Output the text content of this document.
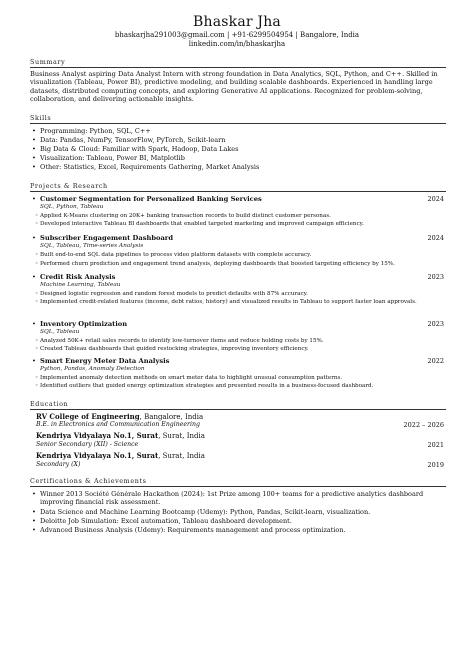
Bhaskar Jha
bhaskarjha291003@gmail.com | +91-6299504954 | Bangalore, India
linkedin.com/in/bhaskarjha
Summary
Business Analyst aspiring Data Analyst Intern with strong foundation in Data Analytics, SQL, Python, and C++. Skilled in visualization (Tableau, Power BI), predictive modeling, and building scalable dashboards. Experienced in handling large datasets, distributed computing concepts, and exploring Generative AI applications. Recognized for problem-solving, collaboration, and delivering actionable insights.
Skills
• Programming: Python, SQL, C++
• Data: Pandas, NumPy, TensorFlow, PyTorch, Scikit-learn
• Big Data & Cloud: Familiar with Spark, Hadoop, Data Lakes
• Visualization: Tableau, Power BI, Matplotlib
• Other: Statistics, Excel, Requirements Gathering, Market Analysis
Projects & Research
• Customer Segmentation for Personalized Banking Services	2024
SQL, Python, Tableau
◦ Applied K-Means clustering on 20K+ banking transaction records to build distinct customer personas.
◦ Developed interactive Tableau BI dashboards that enabled targeted marketing and improved campaign efficiency.
• Subscriber Engagement Dashboard	2024
SQL, Tableau, Time-series Analysis
◦ Built end-to-end SQL data pipelines to process video platform datasets with complete accuracy.
◦ Performed churn prediction and engagement trend analysis, deploying dashboards that boosted targeting efficiency by 15%.
• Credit Risk Analysis	2023
Machine Learning, Tableau
◦ Designed logistic regression and random forest models to predict defaults with 87% accuracy.
◦ Implemented credit-related features (income, debt ratios, history) and visualized results in Tableau to support faster loan approvals.
• Inventory Optimization	2023
SQL, Tableau
◦ Analyzed 50K+ retail sales records to identify low-turnover items and reduce holding costs by 15%.
◦ Created Tableau dashboards that guided restocking strategies, improving inventory efficiency.
• Smart Energy Meter Data Analysis	2022
Python, Pandas, Anomaly Detection
◦ Implemented anomaly detection methods on smart meter data to highlight unusual consumption patterns.
◦ Identified outliers that guided energy optimization strategies and presented results in a business-focused dashboard.
Education
RV College of Engineering, Bangalore, India
B.E. in Electronics and Communication Engineering	2022 – 2026
Kendriya Vidyalaya No.1, Surat, Surat, India
Senior Secondary (XII) - Science	2021
Kendriya Vidyalaya No.1, Surat, Surat, India
Secondary (X)	2019
Certifications & Achievements
• Winner 2013 Société Générale Hackathon (2024): 1st Prize among 100+ teams for a predictive analytics dashboard improving financial risk assessment.
• Data Science and Machine Learning Bootcamp (Udemy): Python, Pandas, Scikit-learn, visualization.
• Deloitte Job Simulation: Excel automation, Tableau dashboard development.
• Advanced Business Analysis (Udemy): Requirements management and process optimization.
